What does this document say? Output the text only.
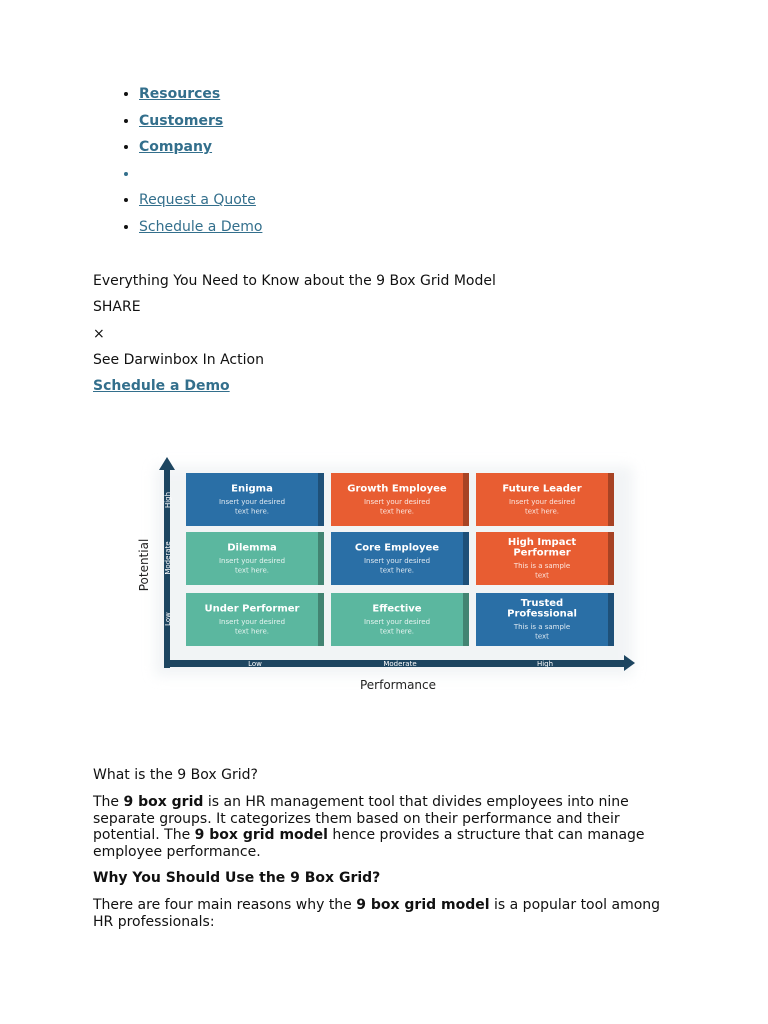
• Resources
• Customers
• Company
•
• Request a Quote
• Schedule a Demo
Everything You Need to Know about the 9 Box Grid Model
SHARE
×
See Darwinbox In Action
Schedule a Demo
Enigma
Insert your desired
text here.
Growth Employee
Insert your desired
text here.
Future Leader
Insert your desired
text here.
Dilemma
Insert your desired
text here.
Core Employee
Insert your desired
text here.
High Impact
Performer
This is a sample
text
Under Performer
Insert your desired
text here.
Effective
Insert your desired
text here.
Trusted
Professional
This is a sample
text
High
Moderate
Low
Low	Moderate	High
Potential
Performance
What is the 9 Box Grid?

The 9 box grid is an HR management tool that divides employees into nine separate groups. It categorizes them based on their performance and their potential. The 9 box grid model hence provides a structure that can manage employee performance.

Why You Should Use the 9 Box Grid?

There are four main reasons why the 9 box grid model is a popular tool among HR professionals:
